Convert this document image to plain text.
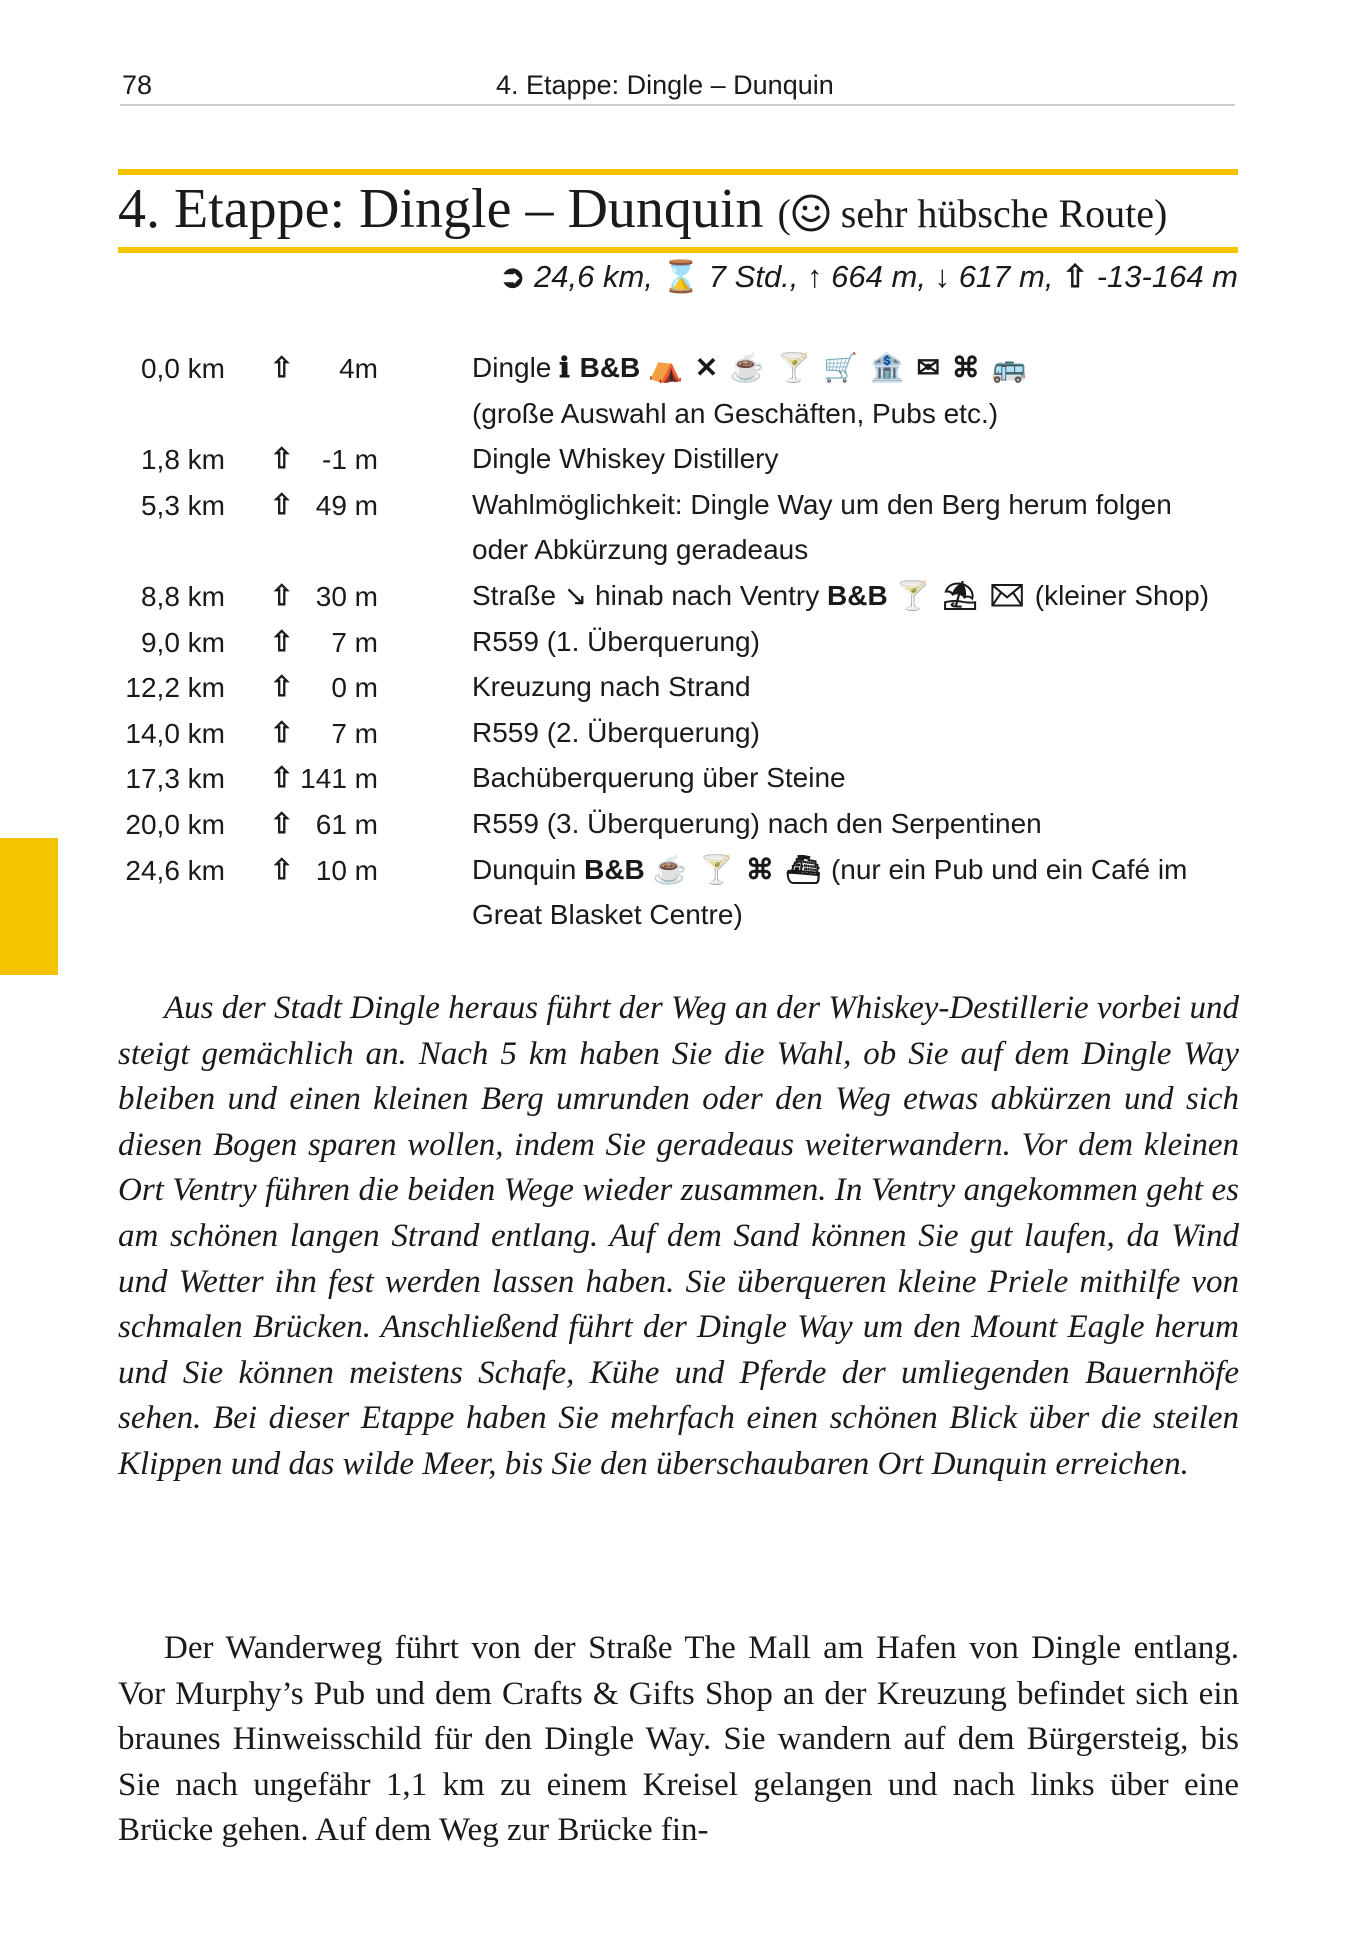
78	4. Etappe: Dingle – Dunquin
4. Etappe: Dingle – Dunquin ( sehr hübsche Route)
➲ 24,6 km, ⌛ 7 Std., ↑ 664 m, ↓ 617 m, ⇧ -13-164 m
0,0 km ⇧	4m	Dingle ℹ B&B ⛺ ✕ ☕ 🍸 🛒 🏦 ✉ ⌘ 🚌
(große Auswahl an Geschäften, Pubs etc.)
1,8 km ⇧	-1 m	Dingle Whiskey Distillery
5,3 km ⇧ 49 m	Wahlmöglichkeit: Dingle Way um den Berg herum folgen
oder Abkürzung geradeaus
8,8 km ⇧ 30 m	Straße ↘ hinab nach Ventry B&B 🍸 ⛱ ✉ (kleiner Shop)
9,0 km ⇧	7 m	R559 (1. Überquerung)
12,2 km ⇧	0 m	Kreuzung nach Strand
14,0 km ⇧	7 m	R559 (2. Überquerung)
17,3 km ⇧ 141 m	Bachüberquerung über Steine
20,0 km ⇧ 61 m	R559 (3. Überquerung) nach den Serpentinen
24,6 km ⇧ 10 m	Dunquin B&B ☕ 🍸 ⌘ ⛴ (nur ein Pub und ein Café im
Great Blasket Centre)

Aus der Stadt Dingle heraus führt der Weg an der Whiskey-Destillerie vorbei und steigt gemächlich an. Nach 5 km haben Sie die Wahl, ob Sie auf dem Dingle Way bleiben und einen kleinen Berg umrunden oder den Weg etwas abkürzen und sich diesen Bogen sparen wollen, indem Sie geradeaus weiterwandern. Vor dem kleinen Ort Ventry führen die beiden Wege wieder zusammen. In Ventry angekommen geht es am schönen langen Strand entlang. Auf dem Sand können Sie gut laufen, da Wind und Wetter ihn fest werden lassen haben. Sie überqueren kleine Priele mithilfe von schmalen Brücken. Anschließend führt der Dingle Way um den Mount Eagle herum und Sie können meistens Schafe, Kühe und Pferde der umliegenden Bauernhöfe sehen. Bei dieser Etappe haben Sie mehrfach einen schönen Blick über die steilen Klippen und das wilde Meer, bis Sie den überschaubaren Ort Dunquin erreichen.

Der Wanderweg führt von der Straße The Mall am Hafen von Dingle entlang. Vor Murphy’s Pub und dem Crafts & Gifts Shop an der Kreuzung befindet sich ein braunes Hinweisschild für den Dingle Way. Sie wandern auf dem Bürgersteig, bis Sie nach ungefähr 1,1 km zu einem Kreisel gelangen und nach links über eine Brücke gehen. Auf dem Weg zur Brücke fin-
